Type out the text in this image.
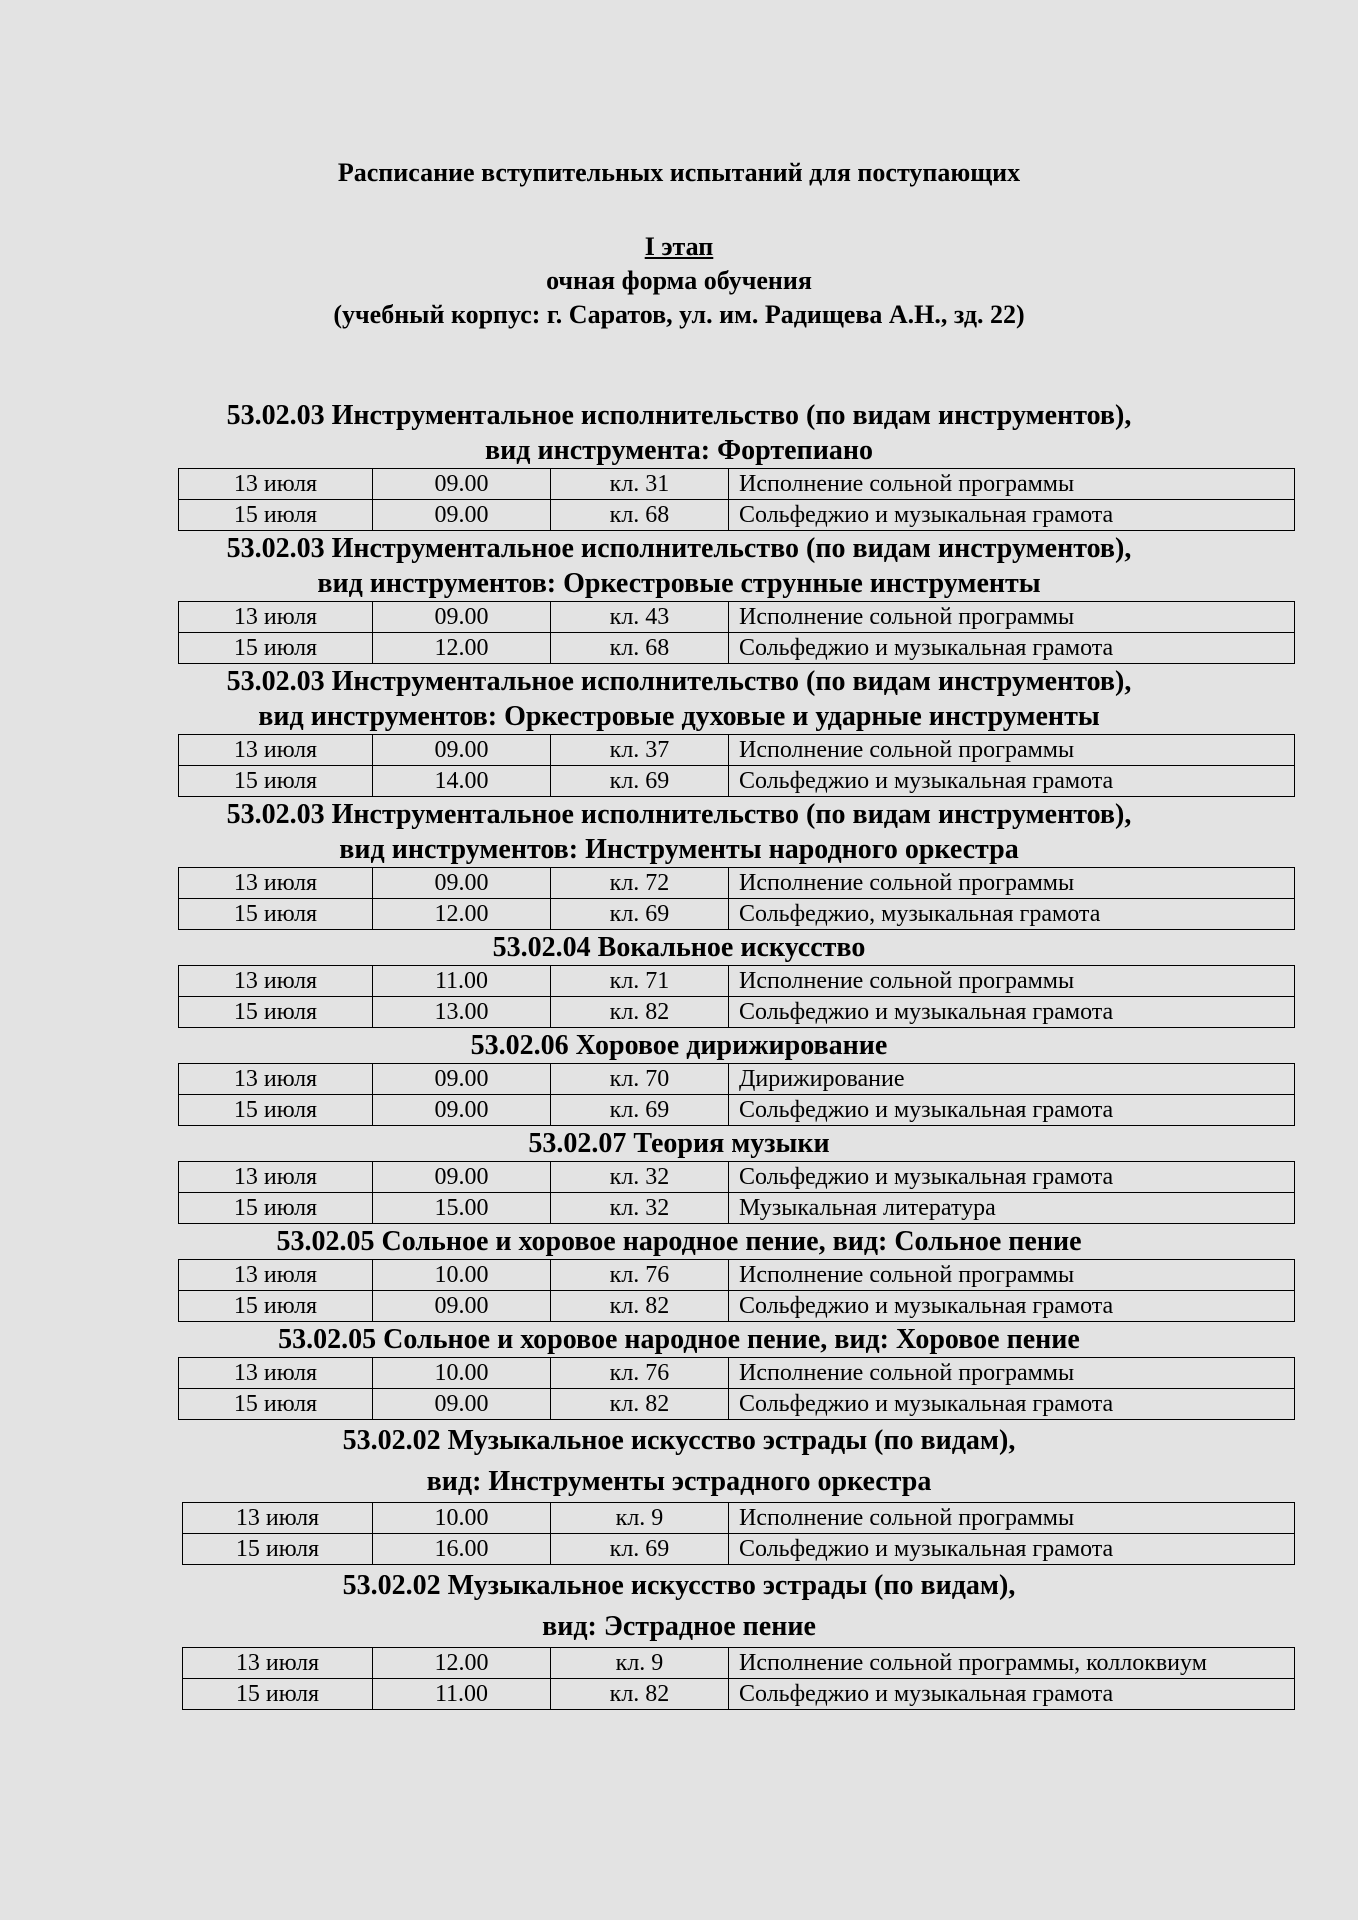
Расписание вступительных испытаний для поступающих
I этап
очная форма обучения
(учебный корпус: г. Саратов, ул. им. Радищева А.Н., зд. 22)
53.02.03 Инструментальное исполнительство (по видам инструментов),
вид инструмента: Фортепиано
13 июля	09.00	кл. 31	Исполнение сольной программы
15 июля	09.00	кл. 68	Сольфеджио и музыкальная грамота
53.02.03 Инструментальное исполнительство (по видам инструментов),
вид инструментов: Оркестровые струнные инструменты
13 июля	09.00	кл. 43	Исполнение сольной программы
15 июля	12.00	кл. 68	Сольфеджио и музыкальная грамота
53.02.03 Инструментальное исполнительство (по видам инструментов),
вид инструментов: Оркестровые духовые и ударные инструменты
13 июля	09.00	кл. 37	Исполнение сольной программы
15 июля	14.00	кл. 69	Сольфеджио и музыкальная грамота
53.02.03 Инструментальное исполнительство (по видам инструментов),
вид инструментов: Инструменты народного оркестра
13 июля	09.00	кл. 72	Исполнение сольной программы
15 июля	12.00	кл. 69	Сольфеджио, музыкальная грамота
53.02.04 Вокальное искусство
13 июля	11.00	кл. 71	Исполнение сольной программы
15 июля	13.00	кл. 82	Сольфеджио и музыкальная грамота
53.02.06 Хоровое дирижирование
13 июля	09.00	кл. 70	Дирижирование
15 июля	09.00	кл. 69	Сольфеджио и музыкальная грамота
53.02.07 Теория музыки
13 июля	09.00	кл. 32	Сольфеджио и музыкальная грамота
15 июля	15.00	кл. 32	Музыкальная литература
53.02.05 Сольное и хоровое народное пение, вид: Сольное пение
13 июля	10.00	кл. 76	Исполнение сольной программы
15 июля	09.00	кл. 82	Сольфеджио и музыкальная грамота
53.02.05 Сольное и хоровое народное пение, вид: Хоровое пение
13 июля	10.00	кл. 76	Исполнение сольной программы
15 июля	09.00	кл. 82	Сольфеджио и музыкальная грамота
53.02.02 Музыкальное искусство эстрады (по видам),
вид: Инструменты эстрадного оркестра
13 июля	10.00	кл. 9	Исполнение сольной программы
15 июля	16.00	кл. 69	Сольфеджио и музыкальная грамота
53.02.02 Музыкальное искусство эстрады (по видам),
вид: Эстрадное пение
13 июля	12.00	кл. 9	Исполнение сольной программы, коллоквиум
15 июля	11.00	кл. 82	Сольфеджио и музыкальная грамота
